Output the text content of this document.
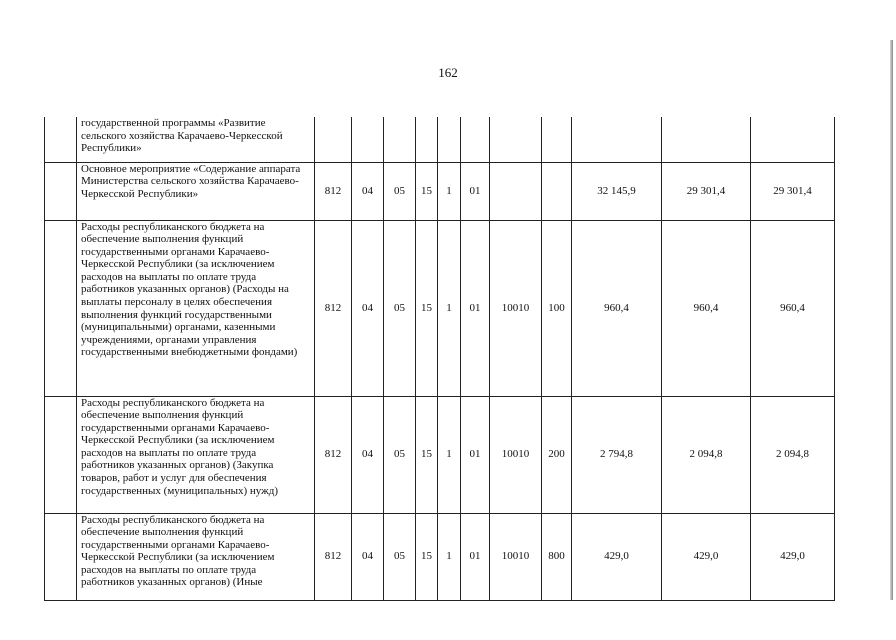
162
	государственной программы «Развитие сельского хозяйства Карачаево-Черкесской Республики»											
	Основное мероприятие «Содержание аппарата Министерства сельского хозяйства Карачаево-Черкесской Республики»	812	04	05	15	1	01			32 145,9	29 301,4	29 301,4
	Расходы республиканского бюджета на обеспечение выполнения функций государственными органами Карачаево-Черкесской Республики (за исключением расходов на выплаты по оплате труда работников указанных органов) (Расходы на выплаты персоналу в целях обеспечения выполнения функций государственными (муниципальными) органами, казенными учреждениями, органами управления государственными внебюджетными фондами)	812	04	05	15	1	01	10010	100	960,4	960,4	960,4
	Расходы республиканского бюджета на обеспечение выполнения функций государственными органами Карачаево-Черкесской Республики (за исключением расходов на выплаты по оплате труда работников указанных органов) (Закупка товаров, работ и услуг для обеспечения государственных (муниципальных) нужд)	812	04	05	15	1	01	10010	200	2 794,8	2 094,8	2 094,8
	Расходы республиканского бюджета на обеспечение выполнения функций государственными органами Карачаево-Черкесской Республики (за исключением расходов на выплаты по оплате труда работников указанных органов) (Иные	812	04	05	15	1	01	10010	800	429,0	429,0	429,0
